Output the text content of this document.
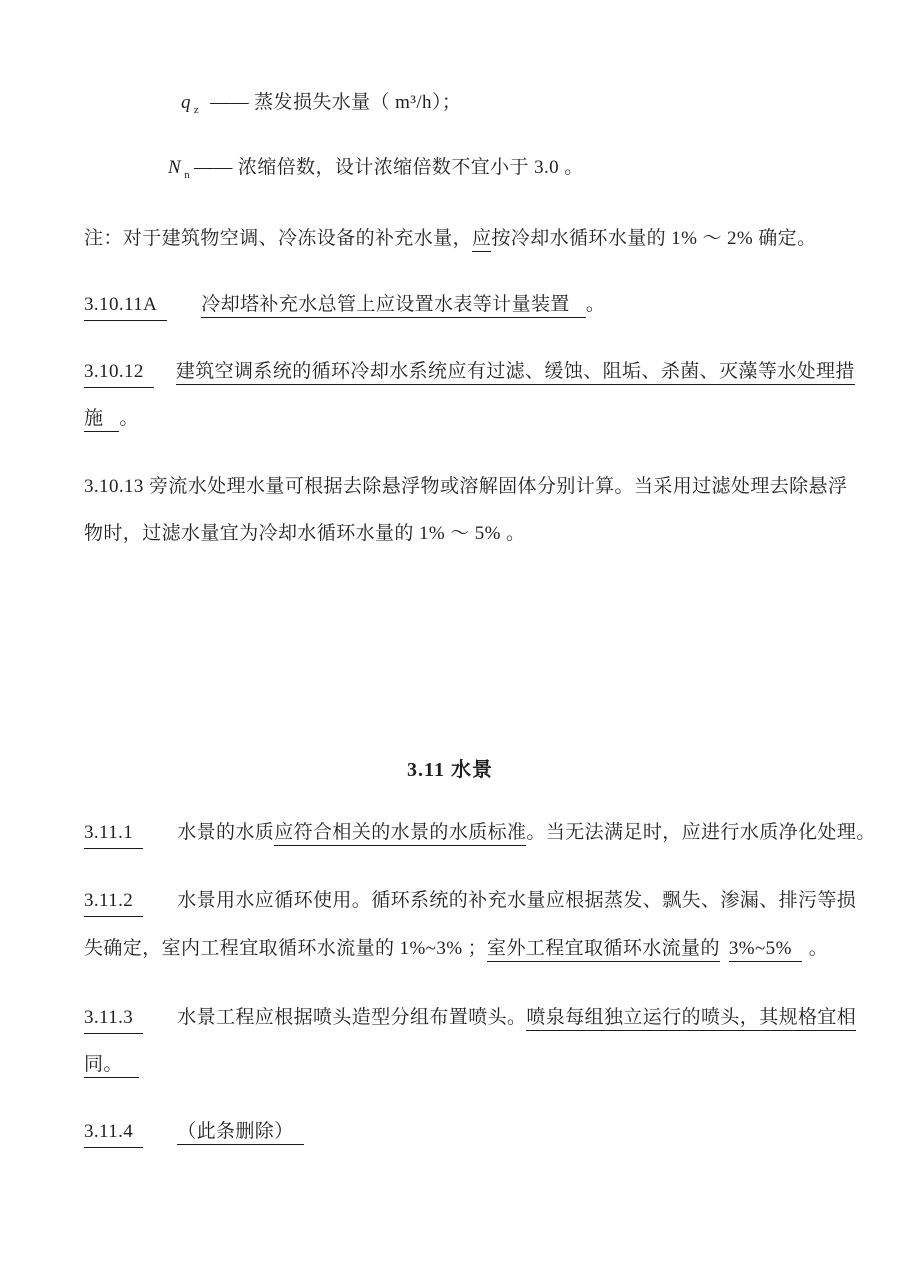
q $_z$ —— 蒸发损失水量（ m³/h）；
N $_n$ —— 浓缩倍数，设计浓缩倍数不宜小于 3.0 。
注：对于建筑物空调、冷冻设备的补充水量，应按冷却水循环水量的 1% ～ 2% 确定。
3.10.11A 冷却塔补充水总管上应设置水表等计量装置 。
3.10.12 建筑空调系统的循环冷却水系统应有过滤、缓蚀、阻垢、杀菌、灭藻等水处理措
施 。
3.10.13 旁流水处理水量可根据去除悬浮物或溶解固体分别计算。当采用过滤处理去除悬浮
物时，过滤水量宜为冷却水循环水量的 1% ～ 5% 。
3.11 水景
3.11.1 水景的水质应符合相关的水景的水质标准。当无法满足时，应进行水质净化处理。
3.11.2 水景用水应循环使用。循环系统的补充水量应根据蒸发、飘失、渗漏、排污等损
失确定，室内工程宜取循环水流量的 1%~3% ；室外工程宜取循环水流量的 3%~5% 。
3.11.3 水景工程应根据喷头造型分组布置喷头。喷泉每组独立运行的喷头，其规格宜相
同。
3.11.4 （此条删除）
